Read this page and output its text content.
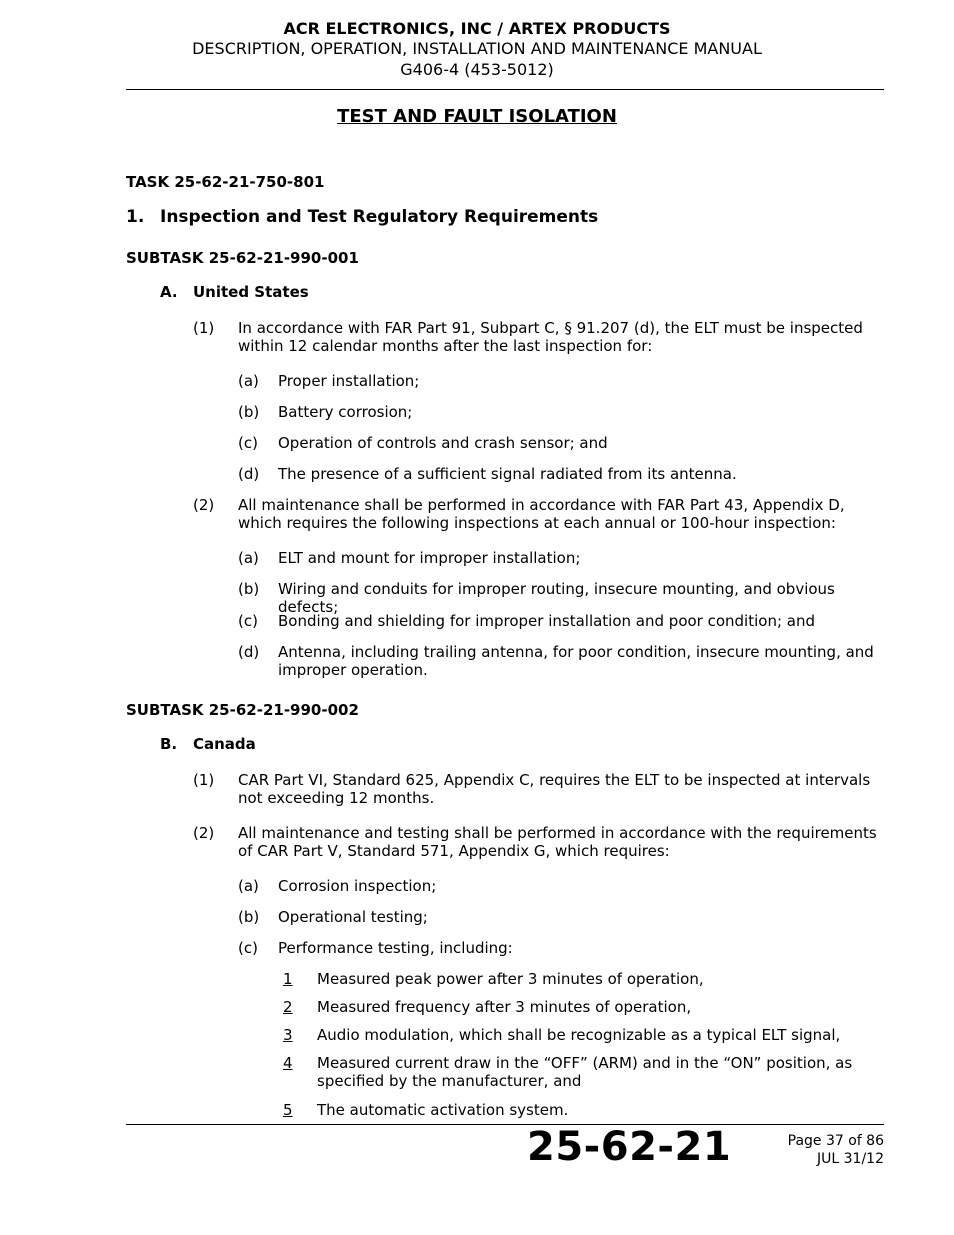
ACR ELECTRONICS, INC / ARTEX PRODUCTS
DESCRIPTION, OPERATION, INSTALLATION AND MAINTENANCE MANUAL
G406-4 (453-5012)
TEST AND FAULT ISOLATION
TASK 25-62-21-750-801
1. Inspection and Test Regulatory Requirements
SUBTASK 25-62-21-990-001
A. United States
(1) In accordance with FAR Part 91, Subpart C, § 91.207 (d), the ELT must be inspected within 12 calendar months after the last inspection for:
(a) Proper installation;
(b) Battery corrosion;
(c) Operation of controls and crash sensor; and
(d) The presence of a sufficient signal radiated from its antenna.
(2) All maintenance shall be performed in accordance with FAR Part 43, Appendix D, which requires the following inspections at each annual or 100-hour inspection:
(a) ELT and mount for improper installation;
(b) Wiring and conduits for improper routing, insecure mounting, and obvious defects;
(c) Bonding and shielding for improper installation and poor condition; and
(d) Antenna, including trailing antenna, for poor condition, insecure mounting, and improper operation.
SUBTASK 25-62-21-990-002
B. Canada
(1) CAR Part VI, Standard 625, Appendix C, requires the ELT to be inspected at intervals not exceeding 12 months.
(2) All maintenance and testing shall be performed in accordance with the requirements of CAR Part V, Standard 571, Appendix G, which requires:
(a) Corrosion inspection;
(b) Operational testing;
(c) Performance testing, including:
1 Measured peak power after 3 minutes of operation,
2 Measured frequency after 3 minutes of operation,
3 Audio modulation, which shall be recognizable as a typical ELT signal,
4 Measured current draw in the “OFF” (ARM) and in the “ON” position, as specified by the manufacturer, and
5 The automatic activation system.
25-62-21	Page 37 of 86
JUL 31/12
